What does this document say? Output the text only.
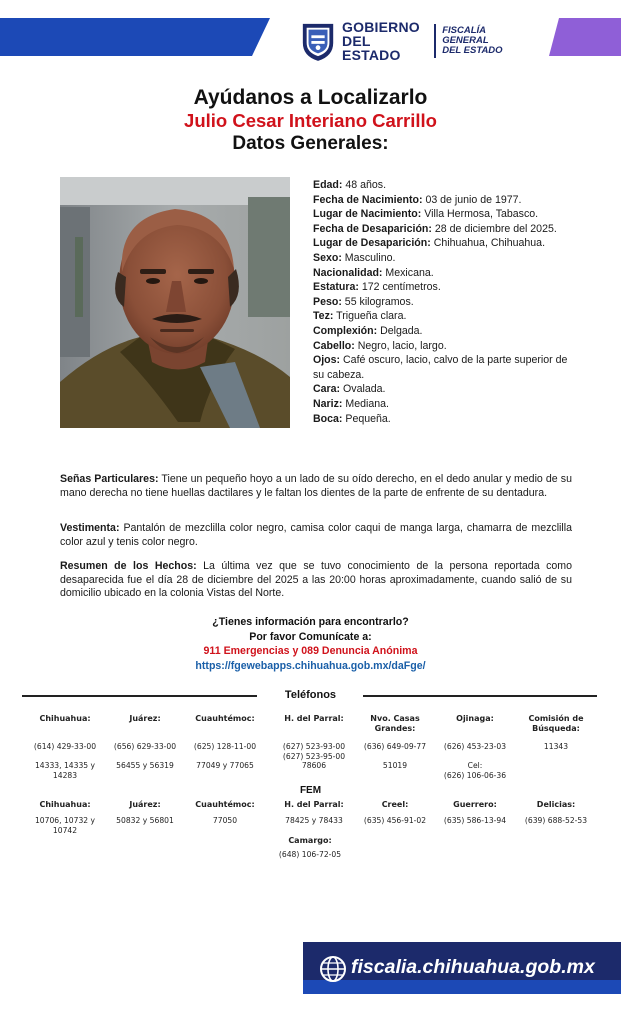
GOBIERNO
DEL ESTADO
FISCALÍA GENERAL
DEL ESTADO
Ayúdanos a Localizarlo
Julio Cesar Interiano Carrillo
Datos Generales:
Edad: 48 años.
Fecha de Nacimiento: 03 de junio de 1977.
Lugar de Nacimiento: Villa Hermosa, Tabasco.
Fecha de Desaparición: 28 de diciembre del 2025.
Lugar de Desaparición: Chihuahua, Chihuahua.
Sexo: Masculino.
Nacionalidad: Mexicana.
Estatura: 172 centímetros.
Peso: 55 kilogramos.
Tez: Trigueña clara.
Complexión: Delgada.
Cabello: Negro, lacio, largo.
Ojos: Café oscuro, lacio, calvo de la parte superior de su cabeza.
Cara: Ovalada.
Nariz: Mediana.
Boca: Pequeña.
Señas Particulares: Tiene un pequeño hoyo a un lado de su oído derecho, en el dedo anular y medio de su mano derecha no tiene huellas dactilares y le faltan los dientes de la parte de enfrente de su dentadura.
Vestimenta: Pantalón de mezclilla color negro, camisa color caqui de manga larga, chamarra de mezclilla color azul y tenis color negro.
Resumen de los Hechos: La última vez que se tuvo conocimiento de la persona reportada como desaparecida fue el día 28 de diciembre del 2025 a las 20:00 horas aproximadamente, cuando salió de su domicilio ubicado en la colonia Vistas del Norte.
¿Tienes información para encontrarlo?
Por favor Comunícate a:
911 Emergencias y 089 Denuncia Anónima
https://fgewebapps.chihuahua.gob.mx/daFge/
Teléfonos
Chihuahua:
(614) 429-33-00
14333, 14335 y 14283
Juárez:
(656) 629-33-00
56455 y 56319
Cuauhtémoc:
(625) 128-11-00
77049 y 77065
H. del Parral:
(627) 523-93-00
(627) 523-95-00
78606
Nvo. Casas Grandes:
(636) 649-09-77
51019
Ojinaga:
(626) 453-23-03
Cel:
(626) 106-06-36
Comisión de Búsqueda:
11343
FEM
Chihuahua:
10706, 10732 y 10742
Juárez:
50832 y 56801
Cuauhtémoc:
77050
H. del Parral:
78425 y 78433
Creel:
(635) 456-91-02
Guerrero:
(635) 586-13-94
Delicias:
(639) 688-52-53
Camargo:
(648) 106-72-05
fiscalia.chihuahua.gob.mx
